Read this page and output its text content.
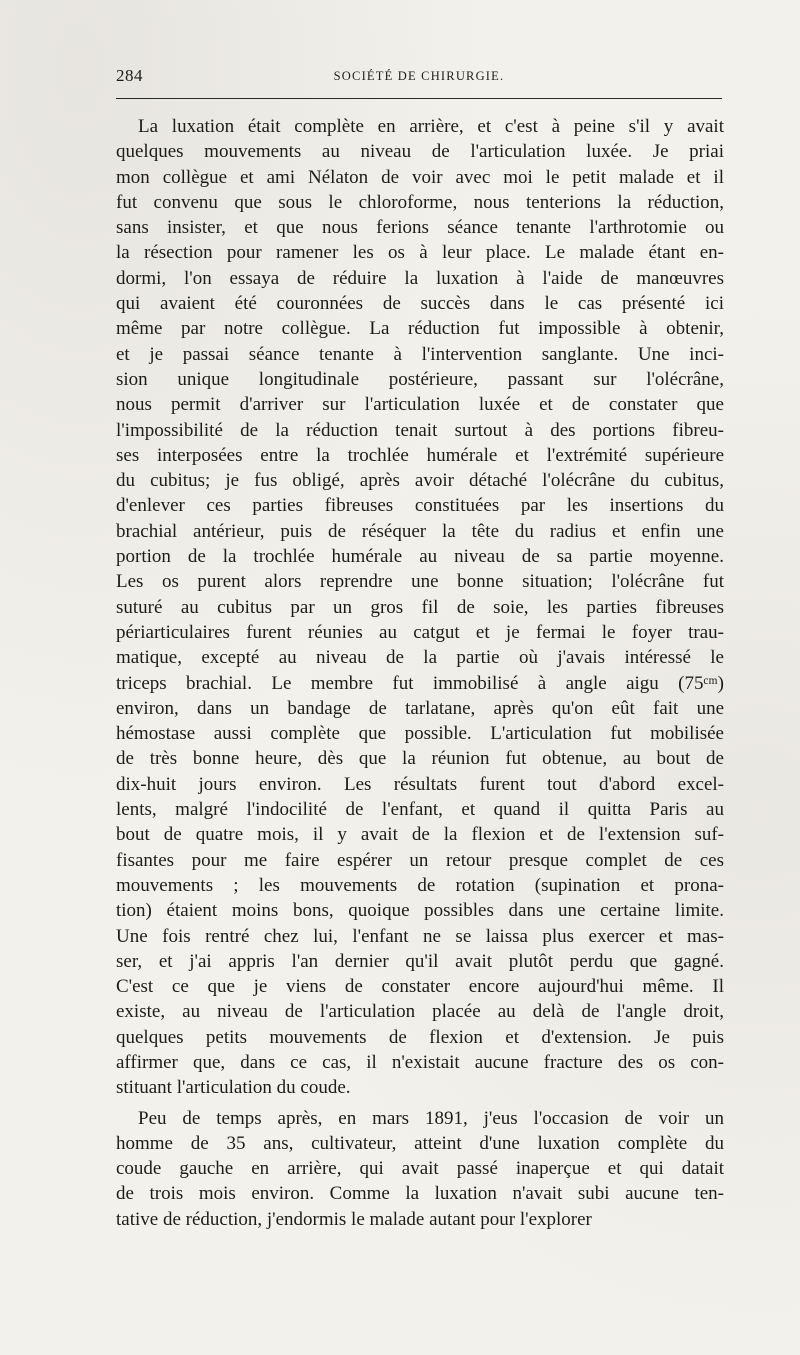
284	SOCIÉTÉ DE CHIRURGIE.
La luxation était complète en arrière, et c'est à peine s'il y avait
quelques mouvements au niveau de l'articulation luxée. Je priai
mon collègue et ami Nélaton de voir avec moi le petit malade et il
fut convenu que sous le chloroforme, nous tenterions la réduction,
sans insister, et que nous ferions séance tenante l'arthrotomie ou
la résection pour ramener les os à leur place. Le malade étant en-
dormi, l'on essaya de réduire la luxation à l'aide de manœuvres
qui avaient été couronnées de succès dans le cas présenté ici
même par notre collègue. La réduction fut impossible à obtenir,
et je passai séance tenante à l'intervention sanglante. Une inci-
sion unique longitudinale postérieure, passant sur l'olécrâne,
nous permit d'arriver sur l'articulation luxée et de constater que
l'impossibilité de la réduction tenait surtout à des portions fibreu-
ses interposées entre la trochlée humérale et l'extrémité supérieure
du cubitus; je fus obligé, après avoir détaché l'olécrâne du cubitus,
d'enlever ces parties fibreuses constituées par les insertions du
brachial antérieur, puis de réséquer la tête du radius et enfin une
portion de la trochlée humérale au niveau de sa partie moyenne.
Les os purent alors reprendre une bonne situation; l'olécrâne fut
suturé au cubitus par un gros fil de soie, les parties fibreuses
périarticulaires furent réunies au catgut et je fermai le foyer trau-
matique, excepté au niveau de la partie où j'avais intéressé le
triceps brachial. Le membre fut immobilisé à angle aigu (75ᶜᵐ)
environ, dans un bandage de tarlatane, après qu'on eût fait une
hémostase aussi complète que possible. L'articulation fut mobilisée
de très bonne heure, dès que la réunion fut obtenue, au bout de
dix-huit jours environ. Les résultats furent tout d'abord excel-
lents, malgré l'indocilité de l'enfant, et quand il quitta Paris au
bout de quatre mois, il y avait de la flexion et de l'extension suf-
fisantes pour me faire espérer un retour presque complet de ces
mouvements ; les mouvements de rotation (supination et prona-
tion) étaient moins bons, quoique possibles dans une certaine limite.
Une fois rentré chez lui, l'enfant ne se laissa plus exercer et mas-
ser, et j'ai appris l'an dernier qu'il avait plutôt perdu que gagné.
C'est ce que je viens de constater encore aujourd'hui même. Il
existe, au niveau de l'articulation placée au delà de l'angle droit,
quelques petits mouvements de flexion et d'extension. Je puis
affirmer que, dans ce cas, il n'existait aucune fracture des os con-
stituant l'articulation du coude.
Peu de temps après, en mars 1891, j'eus l'occasion de voir un
homme de 35 ans, cultivateur, atteint d'une luxation complète du
coude gauche en arrière, qui avait passé inaperçue et qui datait
de trois mois environ. Comme la luxation n'avait subi aucune ten-
tative de réduction, j'endormis le malade autant pour l'explorer
